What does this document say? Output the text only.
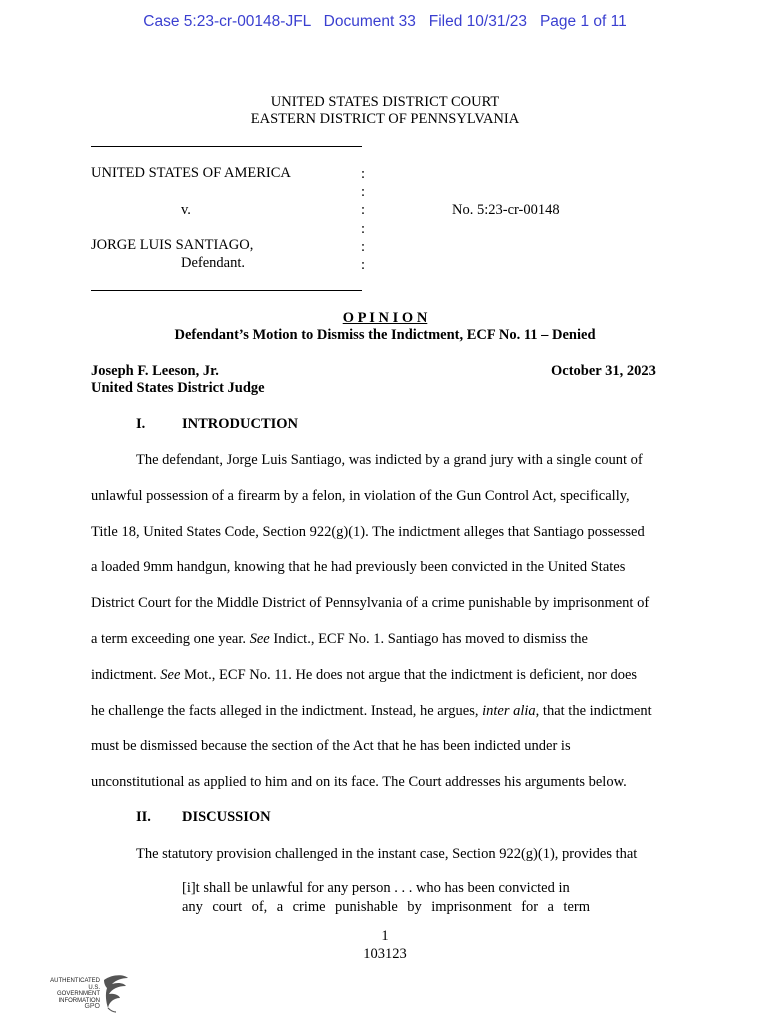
Case 5:23-cr-00148-JFL Document 33 Filed 10/31/23 Page 1 of 11
UNITED STATES DISTRICT COURT
EASTERN DISTRICT OF PENNSYLVANIA
UNITED STATES OF AMERICA
v.
JORGE LUIS SANTIAGO,
Defendant.
:
:
:
:
:
:
No. 5:23-cr-00148
O P I N I O N
Defendant’s Motion to Dismiss the Indictment, ECF No. 11 – Denied
Joseph F. Leeson, Jr.
United States District Judge
October 31, 2023
I.	INTRODUCTION
The defendant, Jorge Luis Santiago, was indicted by a grand jury with a single count of
unlawful possession of a firearm by a felon, in violation of the Gun Control Act, specifically,
Title 18, United States Code, Section 922(g)(1). The indictment alleges that Santiago possessed
a loaded 9mm handgun, knowing that he had previously been convicted in the United States
District Court for the Middle District of Pennsylvania of a crime punishable by imprisonment of
a term exceeding one year. See Indict., ECF No. 1. Santiago has moved to dismiss the
indictment. See Mot., ECF No. 11. He does not argue that the indictment is deficient, nor does
he challenge the facts alleged in the indictment. Instead, he argues, inter alia, that the indictment
must be dismissed because the section of the Act that he has been indicted under is
unconstitutional as applied to him and on its face. The Court addresses his arguments below.
II. DISCUSSION
The statutory provision challenged in the instant case, Section 922(g)(1), provides that
[i]t shall be unlawful for any person . . . who has been convicted in
any court of, a crime punishable by imprisonment for a term
1
103123
AUTHENTICATED
U.S. GOVERNMENT
INFORMATION
GPO
